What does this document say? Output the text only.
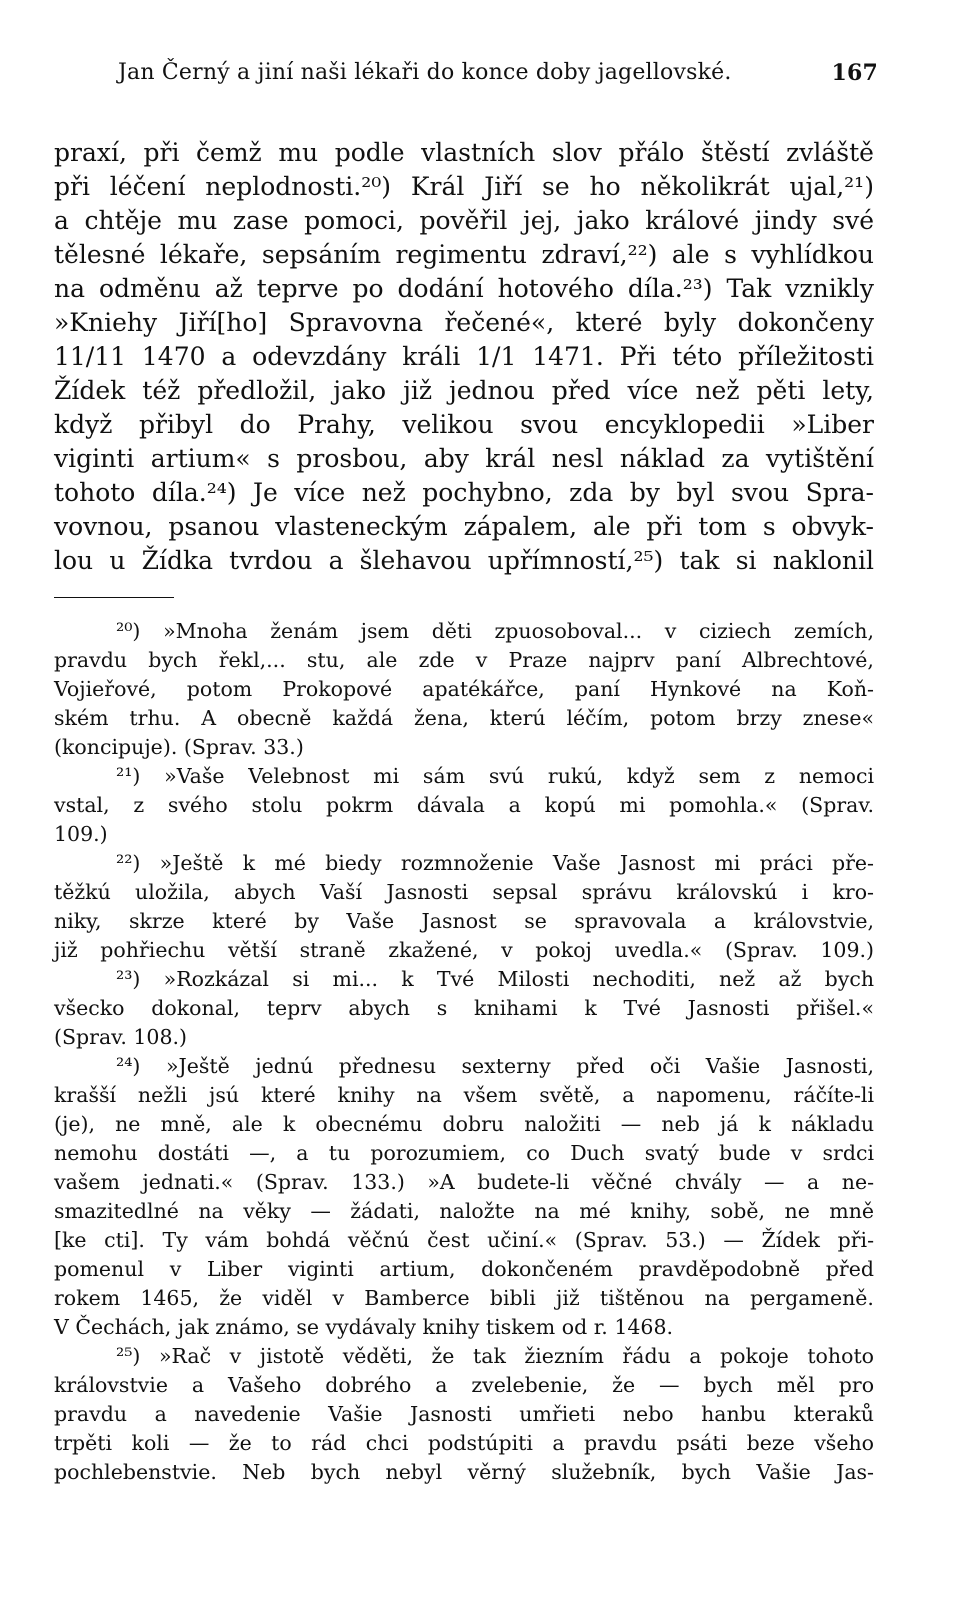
Jan Černý a jiní naši lékaři do konce doby jagellovské.	167
praxí, při čemž mu podle vlastních slov přálo štěstí zvláště
při léčení neplodnosti.²⁰) Král Jiří se ho několikrát ujal,²¹)
a chtěje mu zase pomoci, pověřil jej, jako králové jindy své
tělesné lékaře, sepsáním regimentu zdraví,²²) ale s vyhlídkou
na odměnu až teprve po dodání hotového díla.²³) Tak vznikly
»Kniehy Jiří[ho] Spravovna řečené«, které byly dokončeny
11/11 1470 a odevzdány králi 1/1 1471. Při této příležitosti
Žídek též předložil, jako již jednou před více než pěti lety,
když přibyl do Prahy, velikou svou encyklopedii »Liber
viginti artium« s prosbou, aby král nesl náklad za vytištění
tohoto díla.²⁴) Je více než pochybno, zda by byl svou Spra-
vovnou, psanou vlasteneckým zápalem, ale při tom s obvyk-
lou u Žídka tvrdou a šlehavou upřímností,²⁵) tak si naklonil
²⁰) »Mnoha ženám jsem děti zpuosoboval... v ciziech zemích,
pravdu bych řekl,... stu, ale zde v Praze najprv paní Albrechtové,
Vojieřové, potom Prokopové apatékářce, paní Hynkové na Koň-
ském trhu. A obecně každá žena, kterú léčím, potom brzy znese«
(koncipuje). (Sprav. 33.)
²¹) »Vaše Velebnost mi sám svú rukú, když sem z nemoci
vstal, z svého stolu pokrm dávala a kopú mi pomohla.« (Sprav.
109.)
²²) »Ještě k mé biedy rozmnoženie Vaše Jasnost mi práci pře-
těžkú uložila, abych Vaší Jasnosti sepsal správu královskú i kro-
niky, skrze které by Vaše Jasnost se spravovala a královstvie,
již pohřiechu větší straně zkažené, v pokoj uvedla.« (Sprav. 109.)
²³) »Rozkázal si mi... k Tvé Milosti nechoditi, než až bych
všecko dokonal, teprv abych s knihami k Tvé Jasnosti přišel.«
(Sprav. 108.)
²⁴) »Ještě jednú přednesu sexterny před oči Vašie Jasnosti,
krašší nežli jsú které knihy na všem světě, a napomenu, ráčíte-li
(je), ne mně, ale k obecnému dobru naložiti — neb já k nákladu
nemohu dostáti —, a tu porozumiem, co Duch svatý bude v srdci
vašem jednati.« (Sprav. 133.) »A budete-li věčné chvály — a ne-
smazitedlné na věky — žádati, naložte na mé knihy, sobě, ne mně
[ke cti]. Ty vám bohdá věčnú čest učiní.« (Sprav. 53.) — Žídek při-
pomenul v Liber viginti artium, dokončeném pravděpodobně před
rokem 1465, že viděl v Bamberce bibli již tištěnou na pergameně.
V Čechách, jak známo, se vydávaly knihy tiskem od r. 1468.
²⁵) »Rač v jistotě věděti, že tak žiezním řádu a pokoje tohoto
královstvie a Vašeho dobrého a zvelebenie, že — bych měl pro
pravdu a navedenie Vašie Jasnosti umřieti nebo hanbu kteraků
trpěti koli — že to rád chci podstúpiti a pravdu psáti beze všeho
pochlebenstvie. Neb bych nebyl věrný služebník, bych Vašie Jas-
